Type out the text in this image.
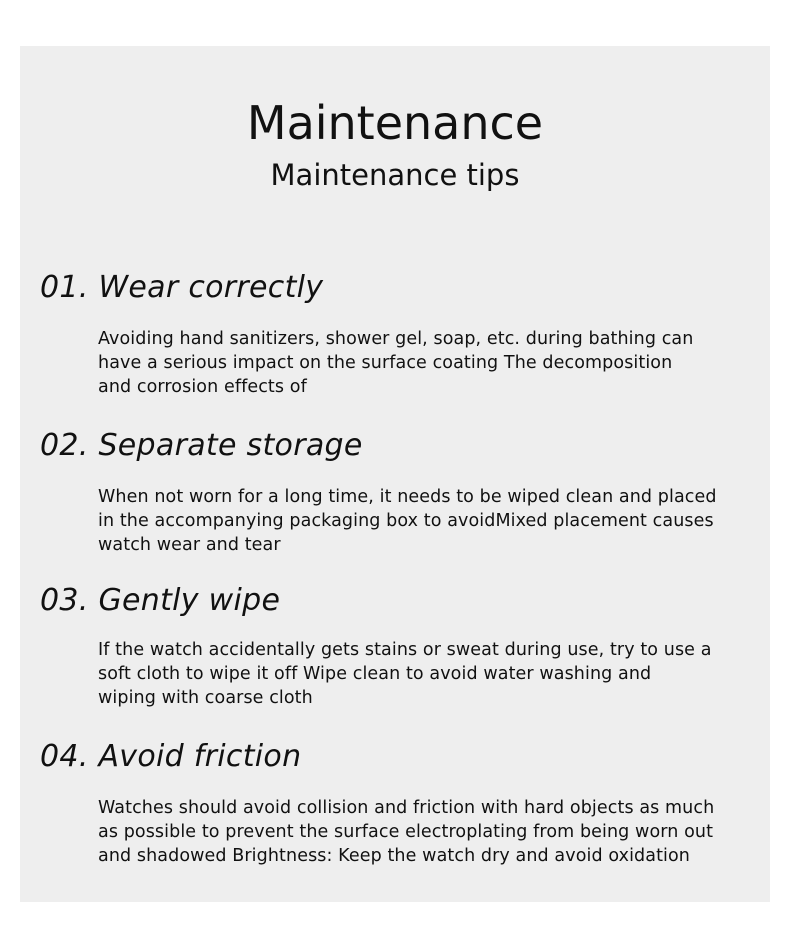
Maintenance
Maintenance tips
01. Wear correctly
Avoiding hand sanitizers, shower gel, soap, etc. during bathing can
have a serious impact on the surface coating The decomposition
and corrosion effects of
02. Separate storage
When not worn for a long time, it needs to be wiped clean and placed
in the accompanying packaging box to avoidMixed placement causes
watch wear and tear
03. Gently wipe
If the watch accidentally gets stains or sweat during use, try to use a
soft cloth to wipe it off Wipe clean to avoid water washing and
wiping with coarse cloth
04. Avoid friction
Watches should avoid collision and friction with hard objects as much
as possible to prevent the surface electroplating from being worn out
and shadowed Brightness: Keep the watch dry and avoid oxidation
